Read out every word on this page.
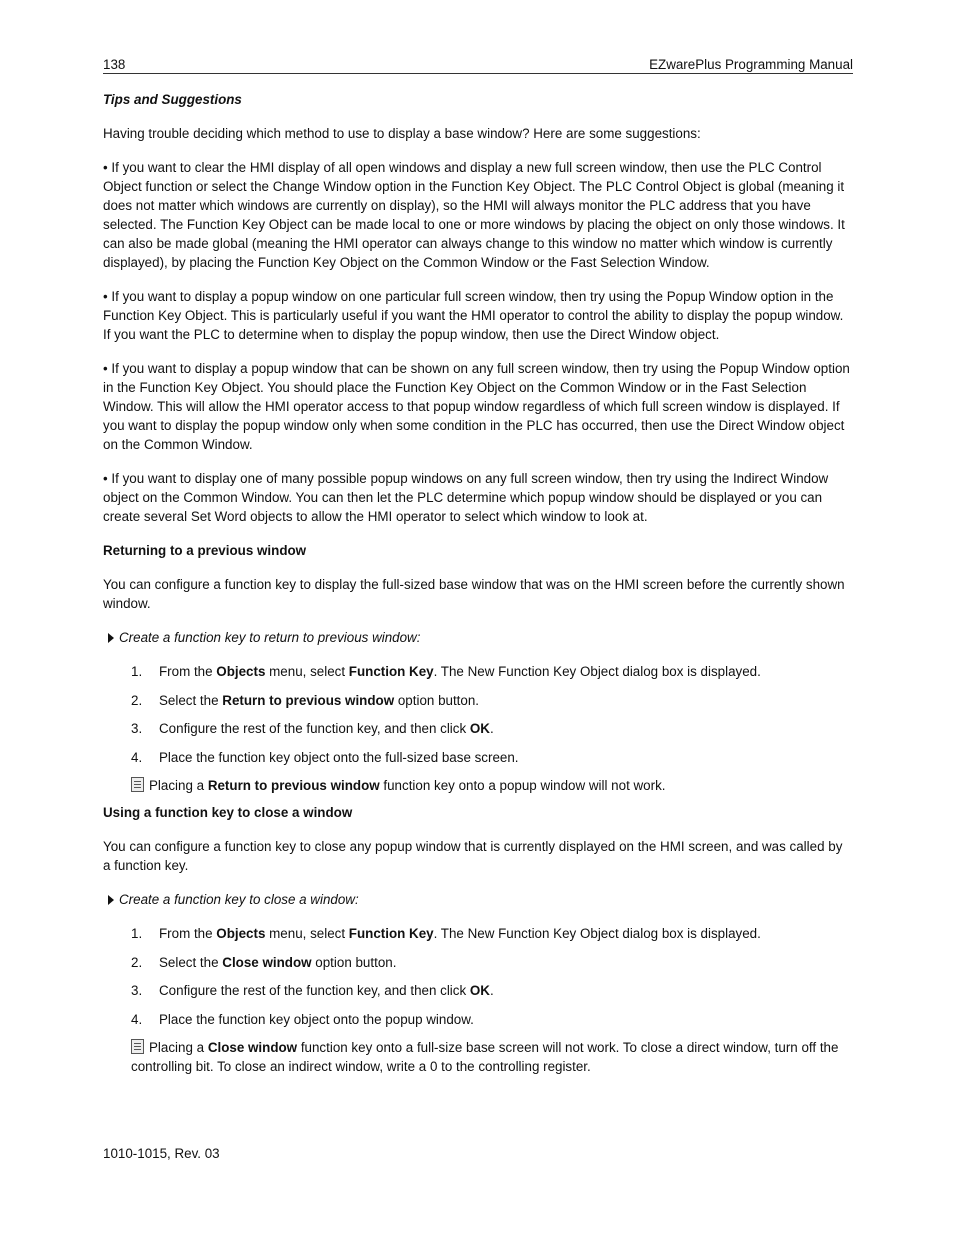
138	EZwarePlus Programming Manual

Tips and Suggestions

Having trouble deciding which method to use to display a base window? Here are some suggestions:

• If you want to clear the HMI display of all open windows and display a new full screen window, then use the PLC Control Object function or select the Change Window option in the Function Key Object. The PLC Control Object is global (meaning it does not matter which windows are currently on display), so the HMI will always monitor the PLC address that you have selected. The Function Key Object can be made local to one or more windows by placing the object on only those windows. It can also be made global (meaning the HMI operator can always change to this window no matter which window is currently displayed), by placing the Function Key Object on the Common Window or the Fast Selection Window.

• If you want to display a popup window on one particular full screen window, then try using the Popup Window option in the Function Key Object. This is particularly useful if you want the HMI operator to control the ability to display the popup window. If you want the PLC to determine when to display the popup window, then use the Direct Window object.

• If you want to display a popup window that can be shown on any full screen window, then try using the Popup Window option in the Function Key Object. You should place the Function Key Object on the Common Window or in the Fast Selection Window. This will allow the HMI operator access to that popup window regardless of which full screen window is displayed. If you want to display the popup window only when some condition in the PLC has occurred, then use the Direct Window object on the Common Window.

• If you want to display one of many possible popup windows on any full screen window, then try using the Indirect Window object on the Common Window. You can then let the PLC determine which popup window should be displayed or you can create several Set Word objects to allow the HMI operator to select which window to look at.

Returning to a previous window

You can configure a function key to display the full-sized base window that was on the HMI screen before the currently shown window.

Create a function key to return to previous window:

1. From the Objects menu, select Function Key. The New Function Key Object dialog box is displayed.
2. Select the Return to previous window option button.
3. Configure the rest of the function key, and then click OK.
4. Place the function key object onto the full-sized base screen.

Placing a Return to previous window function key onto a popup window will not work.

Using a function key to close a window

You can configure a function key to close any popup window that is currently displayed on the HMI screen, and was called by a function key.

Create a function key to close a window:

1. From the Objects menu, select Function Key. The New Function Key Object dialog box is displayed.
2. Select the Close window option button.
3. Configure the rest of the function key, and then click OK.
4. Place the function key object onto the popup window.

Placing a Close window function key onto a full-size base screen will not work. To close a direct window, turn off the controlling bit. To close an indirect window, write a 0 to the controlling register.

1010-1015, Rev. 03
